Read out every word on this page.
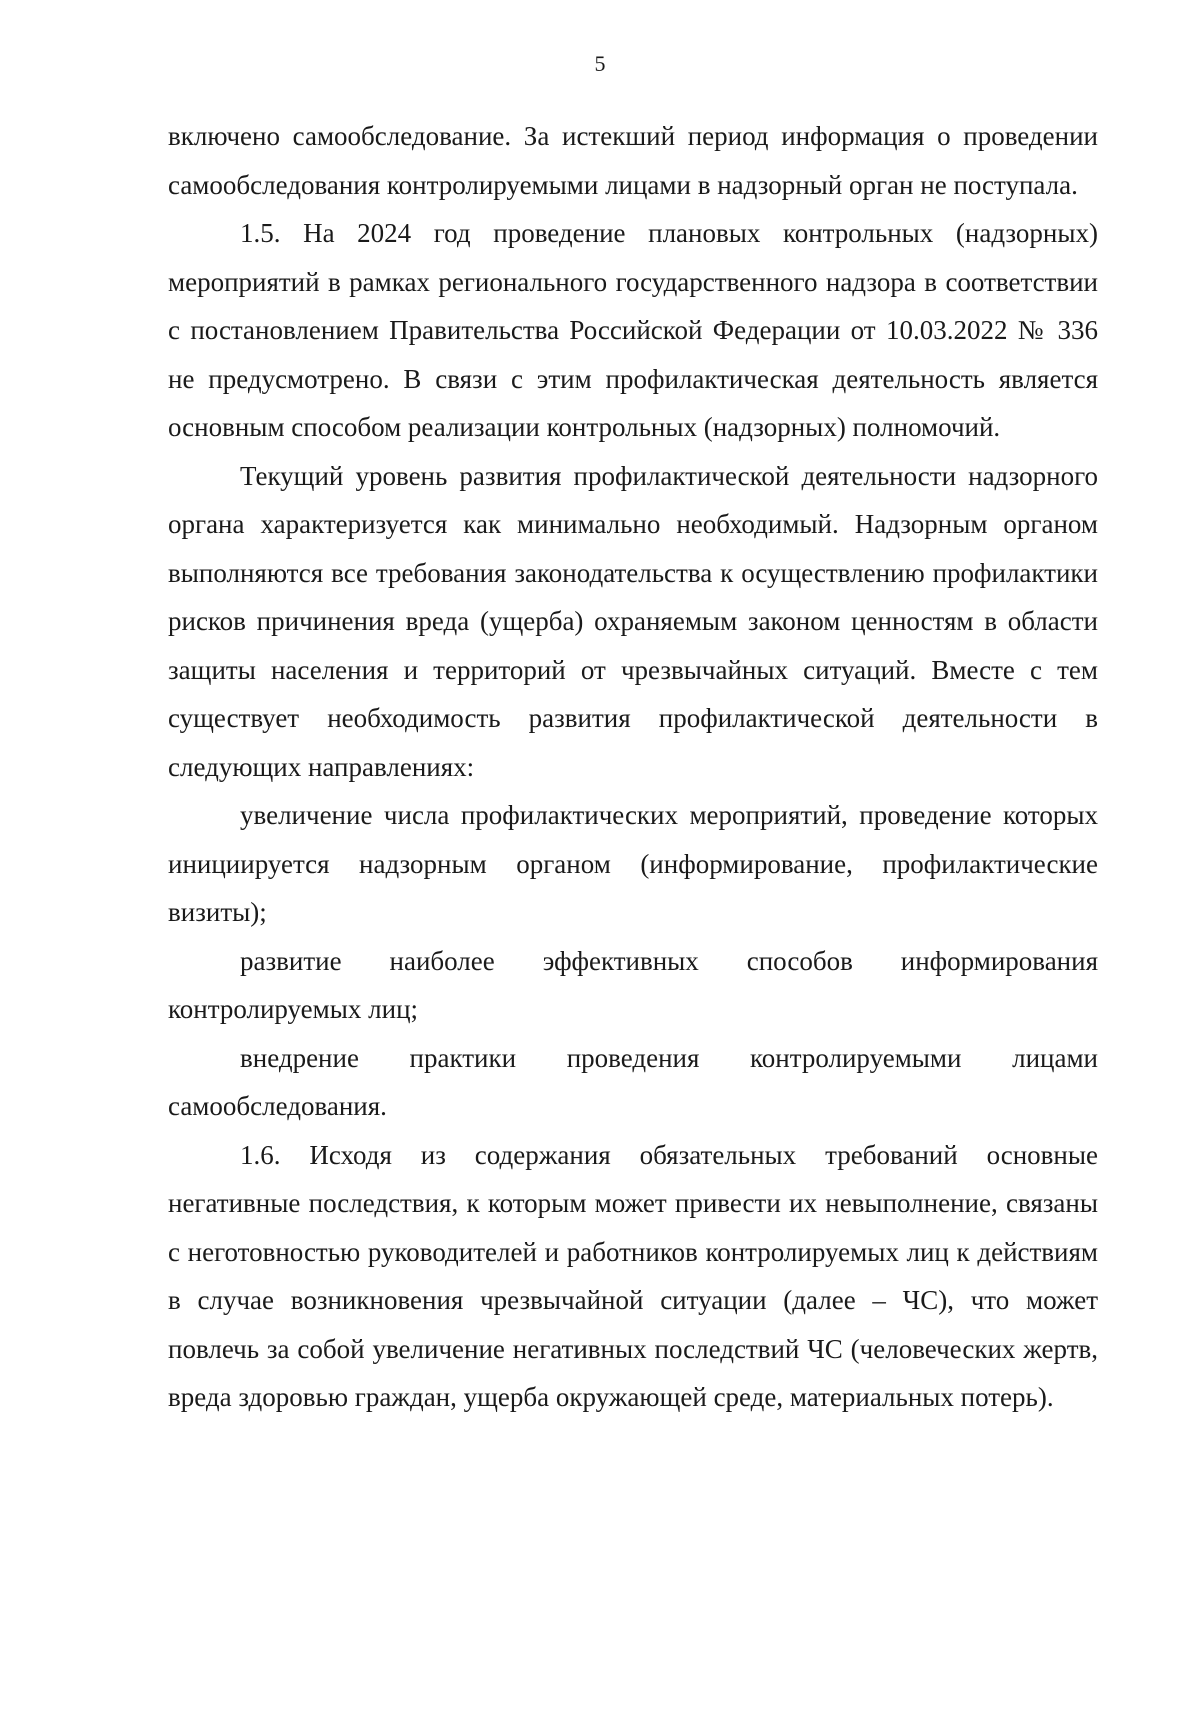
5

включено самообследование. За истекший период информация о проведении самообследования контролируемыми лицами в надзорный орган не поступала.

1.5. На 2024 год проведение плановых контрольных (надзорных) мероприятий в рамках регионального государственного надзора в соответствии с постановлением Правительства Российской Федерации от 10.03.2022 № 336 не предусмотрено. В связи с этим профилактическая деятельность является основным способом реализации контрольных (надзорных) полномочий.

Текущий уровень развития профилактической деятельности надзорного органа характеризуется как минимально необходимый. Надзорным органом выполняются все требования законодательства к осуществлению профилактики рисков причинения вреда (ущерба) охраняемым законом ценностям в области защиты населения и территорий от чрезвычайных ситуаций. Вместе с тем существует необходимость развития профилактической деятельности в следующих направлениях:

увеличение числа профилактических мероприятий, проведение которых инициируется надзорным органом (информирование, профилактические визиты);

развитие наиболее эффективных способов информирования контролируемых лиц;

внедрение практики проведения контролируемыми лицами самообследования.

1.6. Исходя из содержания обязательных требований основные негативные последствия, к которым может привести их невыполнение, связаны с неготовностью руководителей и работников контролируемых лиц к действиям в случае возникновения чрезвычайной ситуации (далее – ЧС), что может повлечь за собой увеличение негативных последствий ЧС (человеческих жертв, вреда здоровью граждан, ущерба окружающей среде, материальных потерь).
